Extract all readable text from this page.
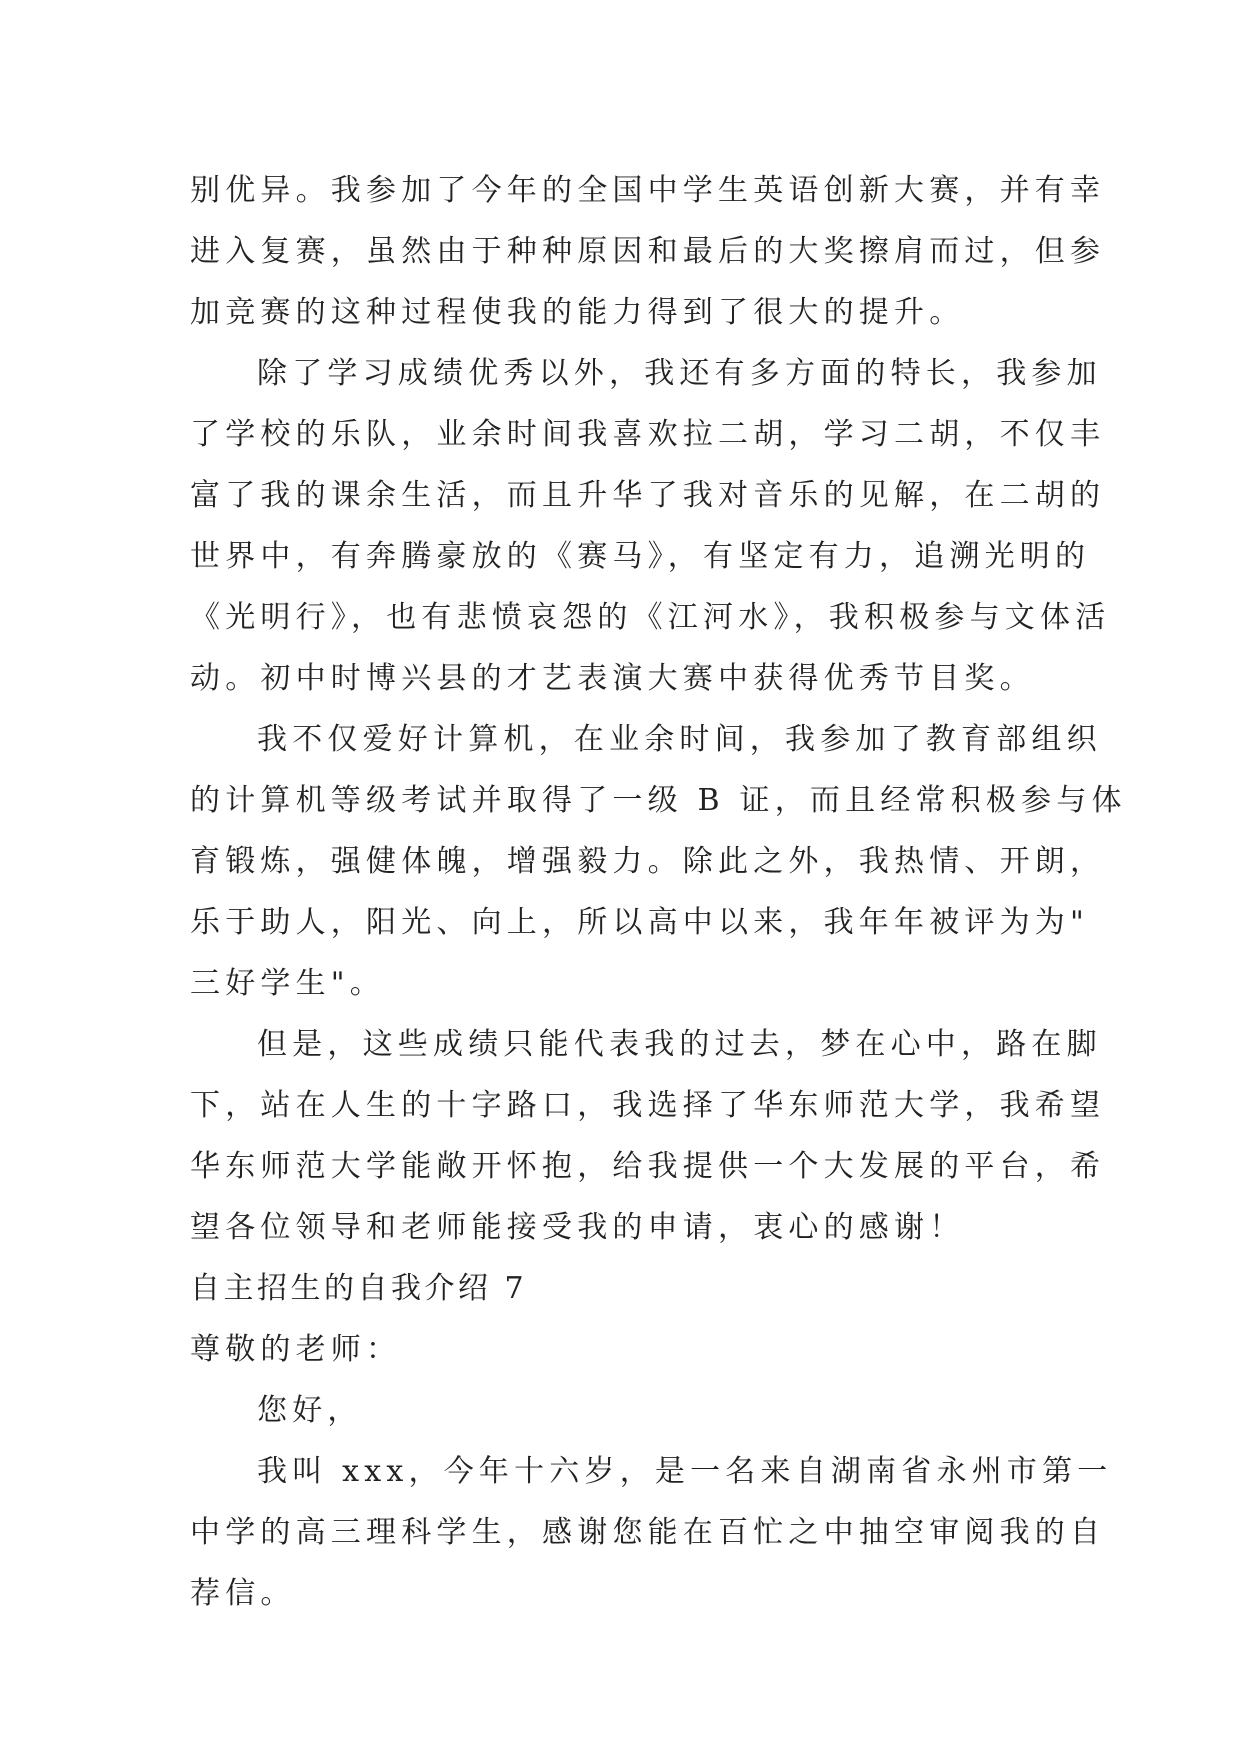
别优异。我参加了今年的全国中学生英语创新大赛，并有幸
进入复赛，虽然由于种种原因和最后的大奖擦肩而过，但参
加竞赛的这种过程使我的能力得到了很大的提升。
除了学习成绩优秀以外，我还有多方面的特长，我参加
了学校的乐队，业余时间我喜欢拉二胡，学习二胡，不仅丰
富了我的课余生活，而且升华了我对音乐的见解，在二胡的
世界中，有奔腾豪放的《赛马》，有坚定有力，追溯光明的
《光明行》，也有悲愤哀怨的《江河水》，我积极参与文体活
动。初中时博兴县的才艺表演大赛中获得优秀节目奖。
我不仅爱好计算机，在业余时间，我参加了教育部组织
的计算机等级考试并取得了一级 B 证，而且经常积极参与体
育锻炼，强健体魄，增强毅力。除此之外，我热情、开朗，
乐于助人，阳光、向上，所以高中以来，我年年被评为为"
三好学生"。
但是，这些成绩只能代表我的过去，梦在心中，路在脚
下，站在人生的十字路口，我选择了华东师范大学，我希望
华东师范大学能敞开怀抱，给我提供一个大发展的平台，希
望各位领导和老师能接受我的申请，衷心的感谢！
自主招生的自我介绍 7
尊敬的老师：
您好，
我叫 xxx，今年十六岁，是一名来自湖南省永州市第一
中学的高三理科学生，感谢您能在百忙之中抽空审阅我的自
荐信。
